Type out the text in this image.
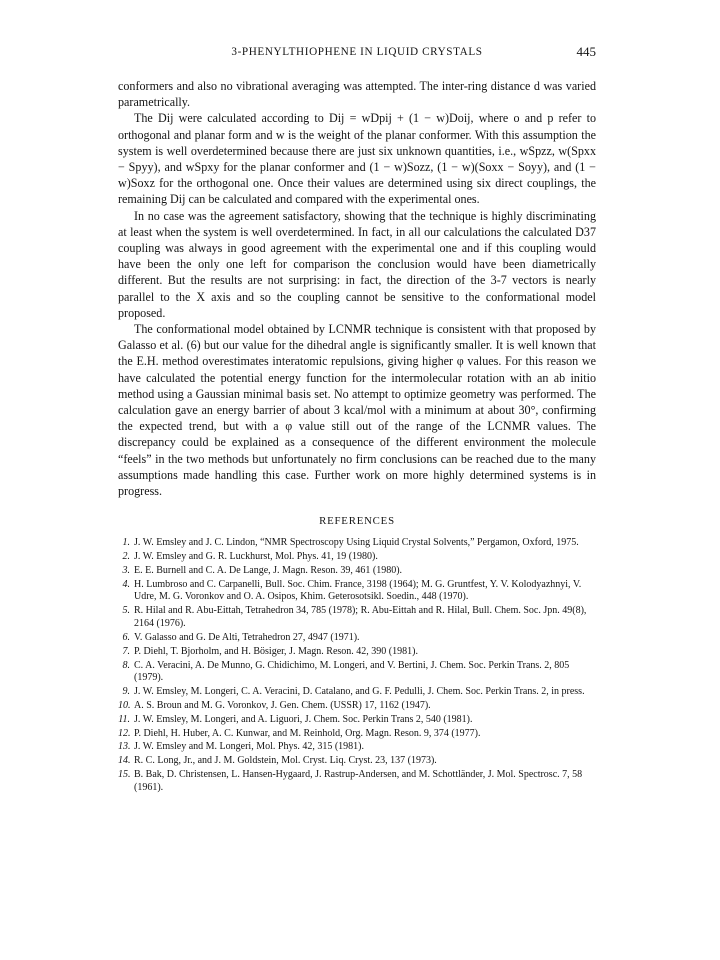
3-PHENYLTHIOPHENE IN LIQUID CRYSTALS	445

conformers and also no vibrational averaging was attempted. The inter-ring distance d was varied parametrically.

The Dij were calculated according to Dij = wDpij + (1 − w)Doij, where o and p refer to orthogonal and planar form and w is the weight of the planar conformer. With this assumption the system is well overdetermined because there are just six unknown quantities, i.e., wSpzz, w(Spxx − Spyy), and wSpxy for the planar conformer and (1 − w)Sozz, (1 − w)(Soxx − Soyy), and (1 − w)Soxz for the orthogonal one. Once their values are determined using six direct couplings, the remaining Dij can be calculated and compared with the experimental ones.

In no case was the agreement satisfactory, showing that the technique is highly discriminating at least when the system is well overdetermined. In fact, in all our calculations the calculated D37 coupling was always in good agreement with the experimental one and if this coupling would have been the only one left for comparison the conclusion would have been diametrically different. But the results are not surprising: in fact, the direction of the 3-7 vectors is nearly parallel to the X axis and so the coupling cannot be sensitive to the conformational model proposed.

The conformational model obtained by LCNMR technique is consistent with that proposed by Galasso et al. (6) but our value for the dihedral angle is significantly smaller. It is well known that the E.H. method overestimates interatomic repulsions, giving higher φ values. For this reason we have calculated the potential energy function for the intermolecular rotation with an ab initio method using a Gaussian minimal basis set. No attempt to optimize geometry was performed. The calculation gave an energy barrier of about 3 kcal/mol with a minimum at about 30°, confirming the expected trend, but with a φ value still out of the range of the LCNMR values. The discrepancy could be explained as a consequence of the different environment the molecule “feels” in the two methods but unfortunately no firm conclusions can be reached due to the many assumptions made handling this case. Further work on more highly determined systems is in progress.

REFERENCES
1. J. W. Emsley and J. C. Lindon, “NMR Spectroscopy Using Liquid Crystal Solvents,” Pergamon, Oxford, 1975.
2. J. W. Emsley and G. R. Luckhurst, Mol. Phys. 41, 19 (1980).
3. E. E. Burnell and C. A. De Lange, J. Magn. Reson. 39, 461 (1980).
4. H. Lumbroso and C. Carpanelli, Bull. Soc. Chim. France, 3198 (1964); M. G. Gruntfest, Y. V. Kolodyazhnyi, V. Udre, M. G. Voronkov and O. A. Osipos, Khim. Geterosotsikl. Soedin., 448 (1970).
5. R. Hilal and R. Abu-Eittah, Tetrahedron 34, 785 (1978); R. Abu-Eittah and R. Hilal, Bull. Chem. Soc. Jpn. 49(8), 2164 (1976).
6. V. Galasso and G. De Alti, Tetrahedron 27, 4947 (1971).
7. P. Diehl, T. Bjorholm, and H. Bösiger, J. Magn. Reson. 42, 390 (1981).
8. C. A. Veracini, A. De Munno, G. Chidichimo, M. Longeri, and V. Bertini, J. Chem. Soc. Perkin Trans. 2, 805 (1979).
9. J. W. Emsley, M. Longeri, C. A. Veracini, D. Catalano, and G. F. Pedulli, J. Chem. Soc. Perkin Trans. 2, in press.
10. A. S. Broun and M. G. Voronkov, J. Gen. Chem. (USSR) 17, 1162 (1947).
11. J. W. Emsley, M. Longeri, and A. Liguori, J. Chem. Soc. Perkin Trans 2, 540 (1981).
12. P. Diehl, H. Huber, A. C. Kunwar, and M. Reinhold, Org. Magn. Reson. 9, 374 (1977).
13. J. W. Emsley and M. Longeri, Mol. Phys. 42, 315 (1981).
14. R. C. Long, Jr., and J. M. Goldstein, Mol. Cryst. Liq. Cryst. 23, 137 (1973).
15. B. Bak, D. Christensen, L. Hansen-Hygaard, J. Rastrup-Andersen, and M. Schottländer, J. Mol. Spectrosc. 7, 58 (1961).
